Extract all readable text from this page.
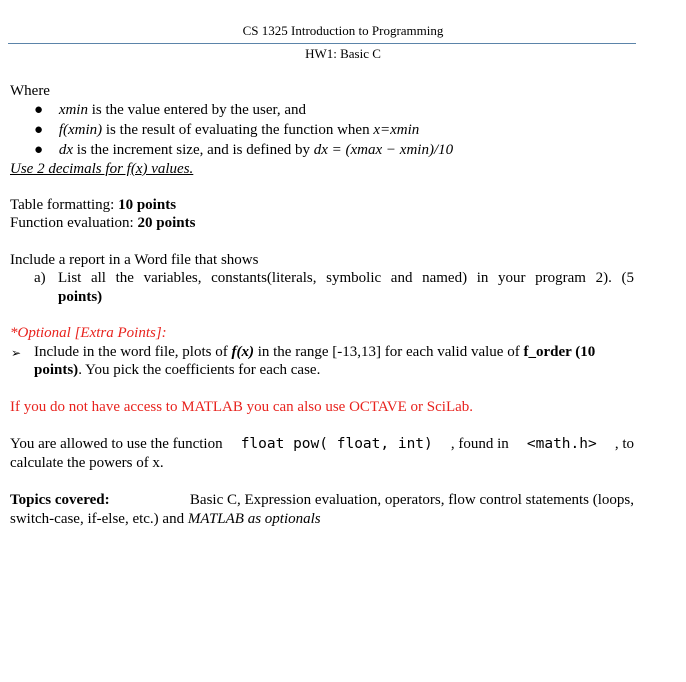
CS 1325 Introduction to Programming
HW1: Basic C
Where
● xmin is the value entered by the user, and
● f(xmin) is the result of evaluating the function when x=xmin
● dx is the increment size, and is defined by dx = (xmax − xmin)/10
Use 2 decimals for f(x) values.
Table formatting: 10 points
Function evaluation: 20 points
Include a report in a Word file that shows
a) List all the variables, constants(literals, symbolic and named) in your program 2). (5
points)
*Optional [Extra Points]:
➢ Include in the word file, plots of f(x) in the range [-13,13] for each valid value of f_order (10
points). You pick the coefficients for each case.
If you do not have access to MATLAB you can also use OCTAVE or SciLab.
You are allowed to use the function float pow( float, int) , found in <math.h> , to
calculate the powers of x.
Topics covered:	Basic C, Expression evaluation, operators, flow control statements (loops,
switch-case, if-else, etc.) and MATLAB as optionals
